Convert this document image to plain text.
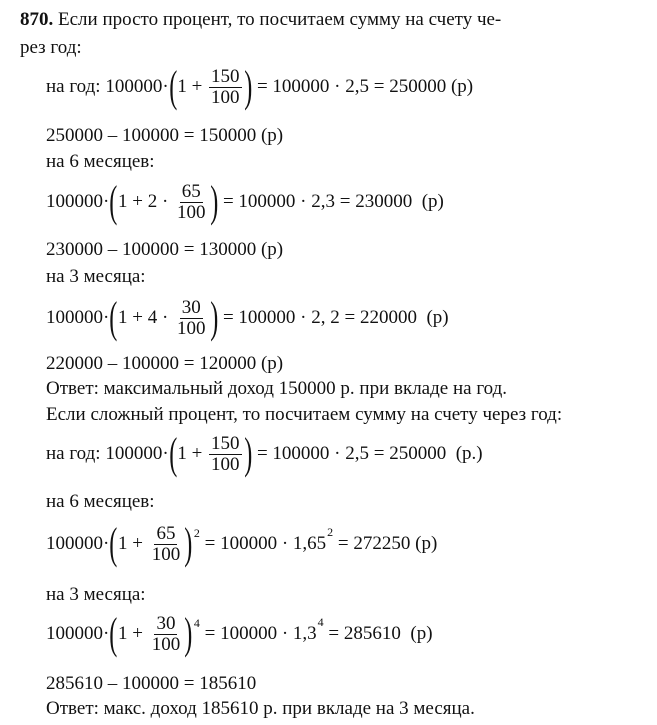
870. Если просто процент, то посчитаем сумму на счету че-
рез год:
на год:
100000· ( $1 + \frac{150}{100}$ ) = 100000 · 2,5 = 250000 (р)
250000 – 100000 = 150000 (р)
на 6 месяцев:
100000· ( $1 + 2 \cdot \frac{65}{100}$ ) = 100000 · 2,3 = 230000  (р)
230000 – 100000 = 130000 (р)
на 3 месяца:
100000· ( $1 + 4 \cdot \frac{30}{100}$ ) = 100000 · 2, 2 = 220000  (р)
220000 – 100000 = 120000 (р)
Ответ: максимальный доход 150000 р. при вкладе на год.
Если сложный процент, то посчитаем сумму на счету через год:
на год:
100000· ( $1 + \frac{150}{100}$ ) = 100000 · 2,5 = 250000  (р.)
на 6 месяцев:
100000· ( $1 + \frac{65}{100}$ ) 2 = 100000 · 1,65
2
= 272250 (р)
на 3 месяца:
100000· ( $1 + \frac{30}{100}$ ) 4 = 100000 · 1,3
4
= 285610  (р)
285610 – 100000 = 185610
Ответ: макс. доход 185610 р. при вкладе на 3 месяца.
